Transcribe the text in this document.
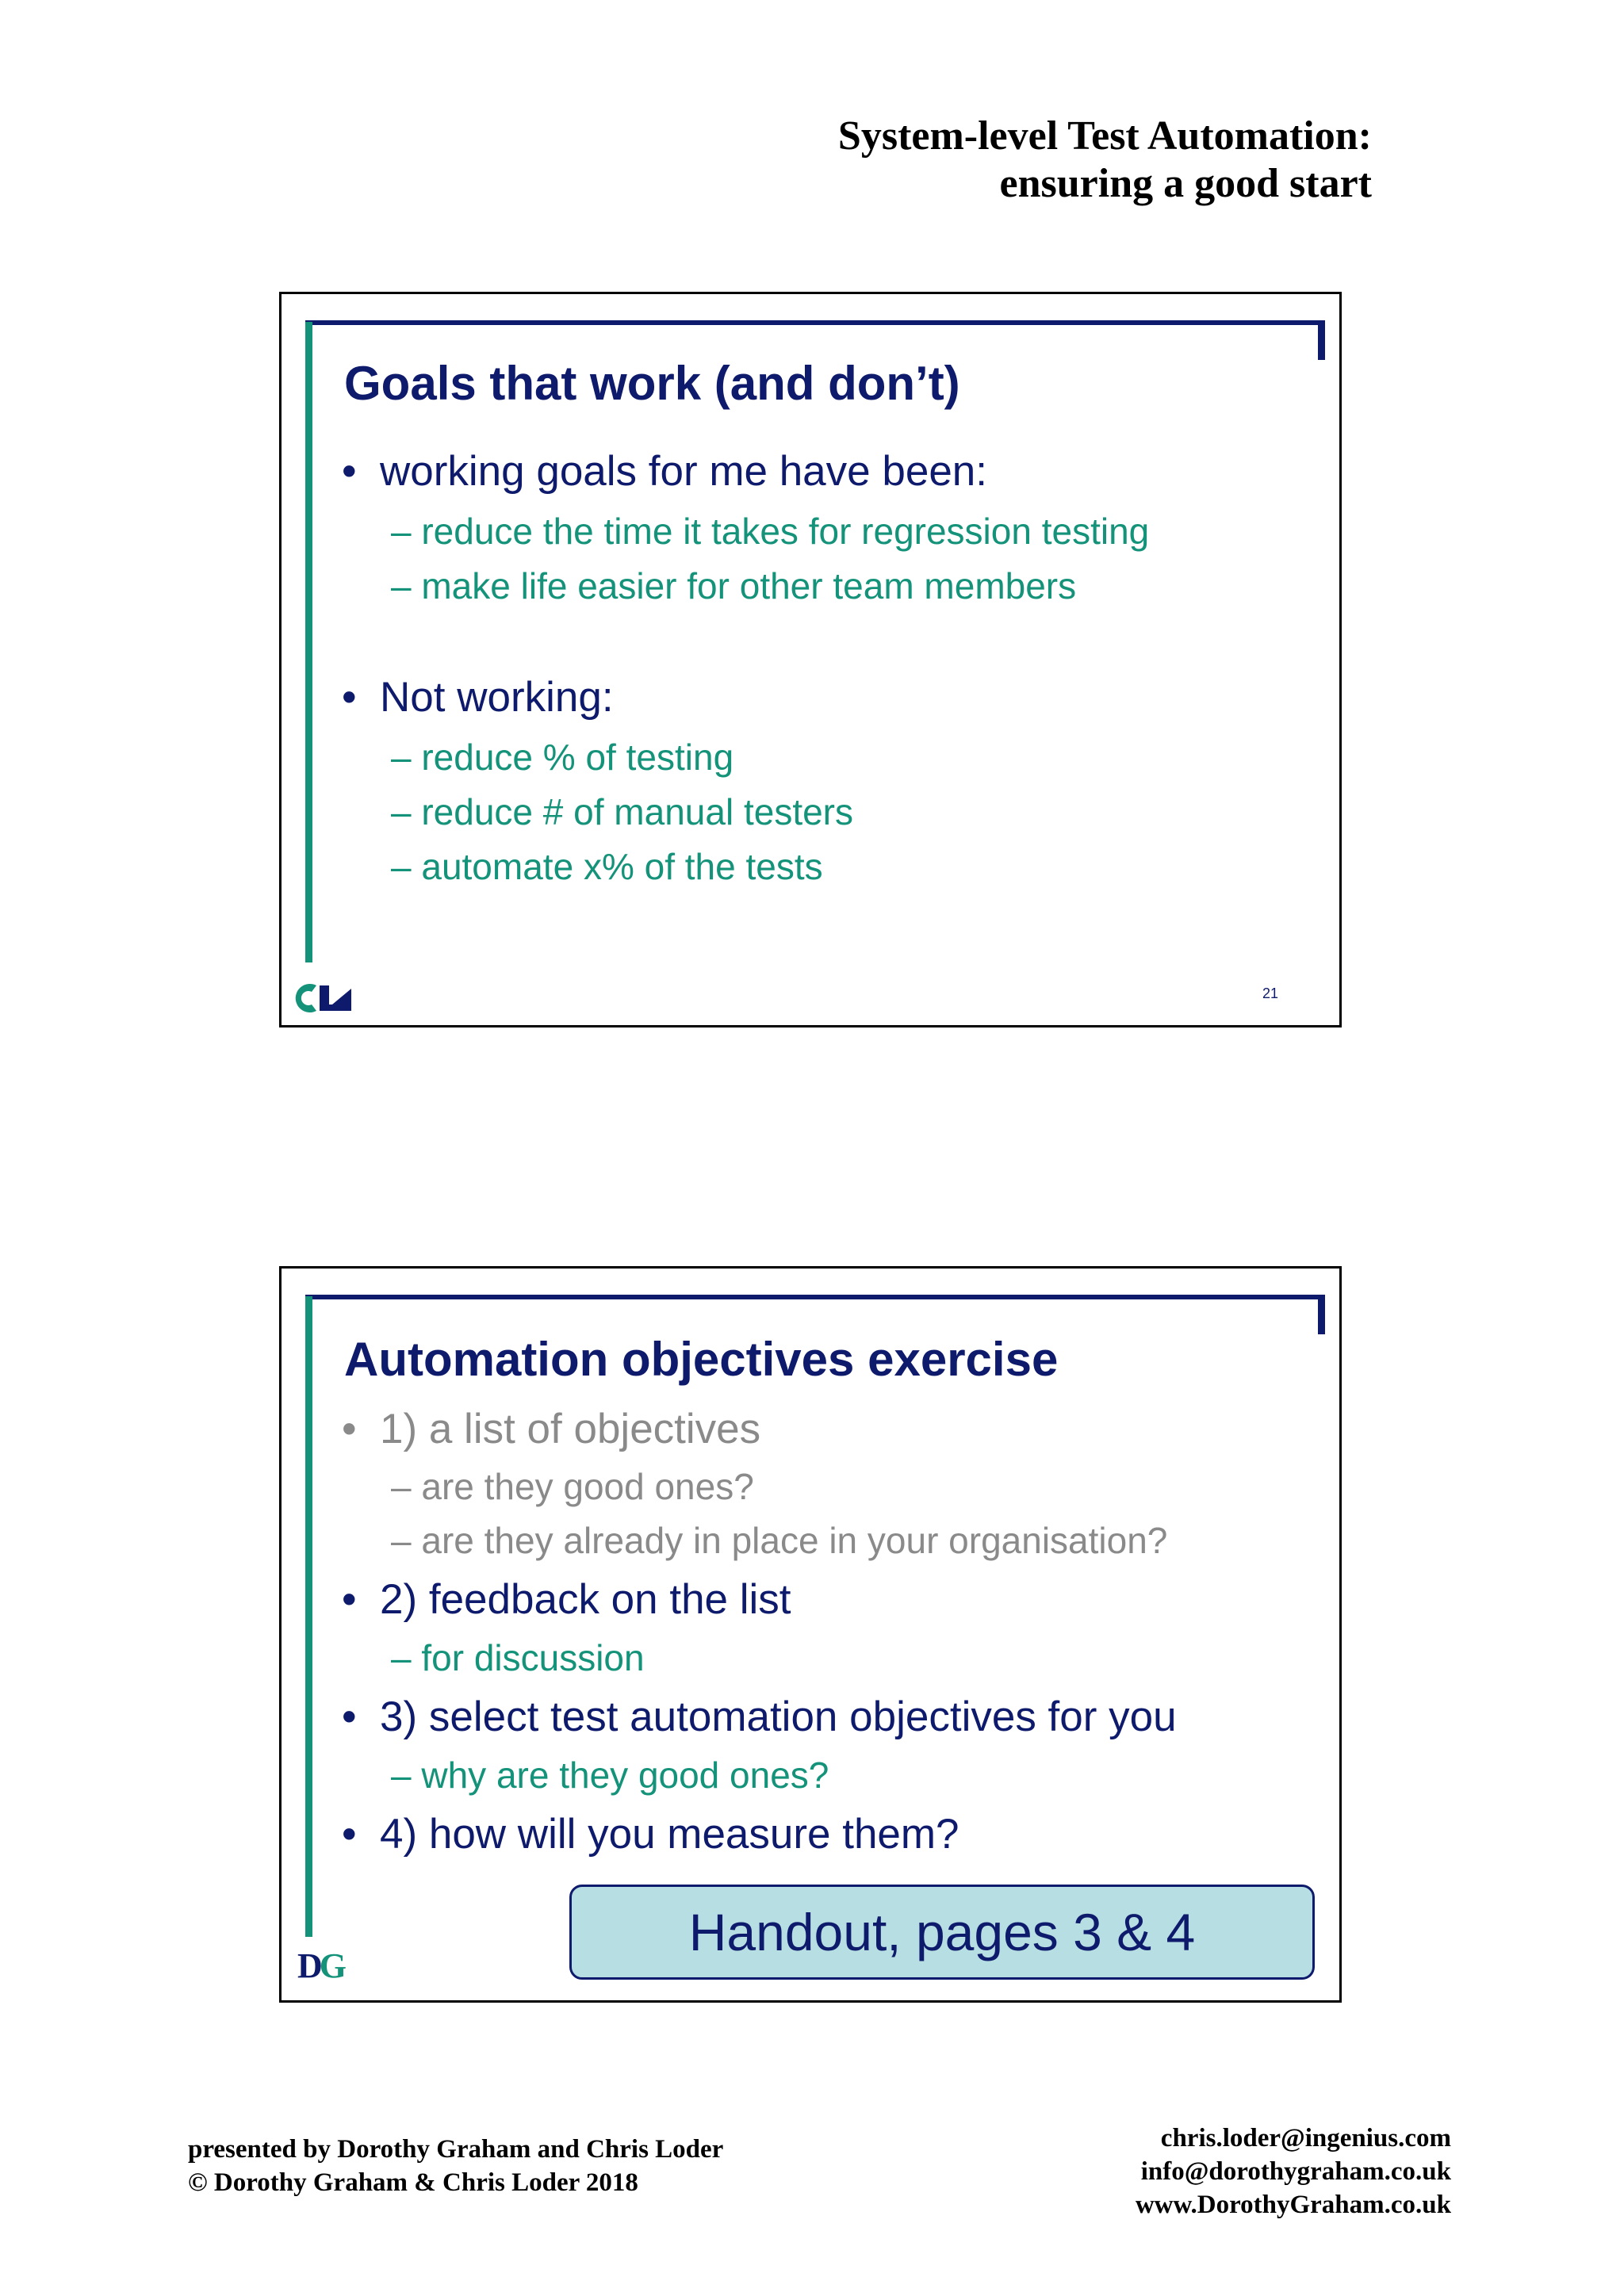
System-level Test Automation:
ensuring a good start
Goals that work (and don’t)
• working goals for me have been:
– reduce the time it takes for regression testing
– make life easier for other team members
• Not working:
– reduce % of testing
– reduce # of manual testers
– automate x% of the tests
21
Automation objectives exercise
• 1) a list of objectives
– are they good ones?
– are they already in place in your organisation?
• 2) feedback on the list
– for discussion
• 3) select test automation objectives for you
– why are they good ones?
• 4) how will you measure them?
Handout, pages 3 & 4
DG
presented by Dorothy Graham and Chris Loder
© Dorothy Graham & Chris Loder 2018
chris.loder@ingenius.com
info@dorothygraham.co.uk
www.DorothyGraham.co.uk
